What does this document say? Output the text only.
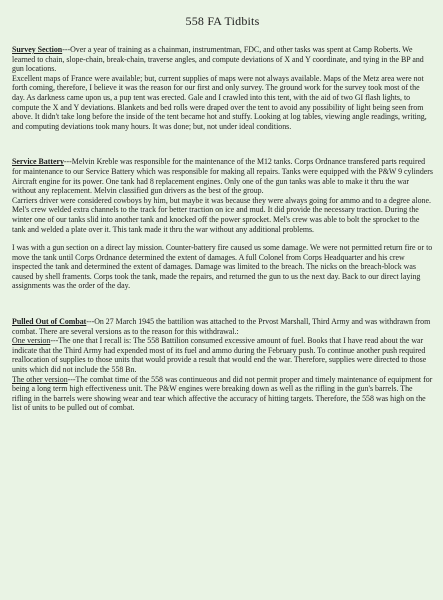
558 FA Tidbits

Survey Section---Over a year of training as a chainman, instrumentman, FDC, and other tasks was spent at Camp Roberts. We learned to chain, slope-chain, break-chain, traverse angles, and compute deviations of X and Y coordinate, and tying in the BP and gun locations.

Excellent maps of France were available; but, current supplies of maps were not always available. Maps of the Metz area were not forth coming, therefore, I believe it was the reason for our first and only survey. The ground work for the survey took most of the day. As darkness came upon us, a pup tent was erected. Gale and I crawled into this tent, with the aid of two GI flash lights, to compute the X and Y deviations. Blankets and bed rolls were draped over the tent to avoid any possibility of light being seen from above. It didn't take long before the inside of the tent became hot and stuffy. Looking at log tables, viewing angle readings, writing, and computing deviations took many hours. It was done; but, not under ideal conditions.

Service Battery---Melvin Kreble was responsible for the maintenance of the M12 tanks. Corps Ordnance transfered parts required for maintenance to our Service Battery which was responsible for making all repairs. Tanks were equipped with the P&W 9 cylinders Aircraft engine for its power. One tank had 8 replacement engines. Only one of the gun tanks was able to make it thru the war without any replacement. Melvin classified gun drivers as the best of the group.

Carriers driver were considered cowboys by him, but maybe it was because they were always going for ammo and to a degree alone.

Mel's crew welded extra channels to the track for better traction on ice and mud. It did provide the necessary traction. During the winter one of our tanks slid into another tank and knocked off the power sprocket. Mel's crew was able to bolt the sprocket to the tank and welded a plate over it. This tank made it thru the war without any additional problems.

I was with a gun section on a direct lay mission. Counter-battery fire caused us some damage. We were not permitted return fire or to move the tank until Corps Ordnance determined the extent of damages. A full Colonel from Corps Headquarter and his crew inspected the tank and determined the extent of damages. Damage was limited to the breach. The nicks on the breach-block was caused by shell framents. Corps took the tank, made the repairs, and returned the gun to us the next day. Back to our direct laying assignments was the order of the day.

Pulled Out of Combat---On 27 March 1945 the battilion was attached to the Prvost Marshall, Third Army and was withdrawn from combat. There are several versions as to the reason for this withdrawal.:

One version---The one that I recall is: The 558 Battilion consumed excessive amount of fuel. Books that I have read about the war indicate that the Third Army had expended most of its fuel and ammo during the February push. To continue another push required reallocation of supplies to those units that would provide a result that would end the war. Therefore, supplies were directed to those units which did not include the 558 Bn.

The other version---The combat time of the 558 was continueous and did not permit proper and timely maintenance of equipment for being a long term high effectiveness unit. The P&W engines were breaking down as well as the rifling in the gun's barrels. The rifling in the barrels were showing wear and tear which affective the accuracy of hitting targets. Therefore, the 558 was high on the list of units to be pulled out of combat.
